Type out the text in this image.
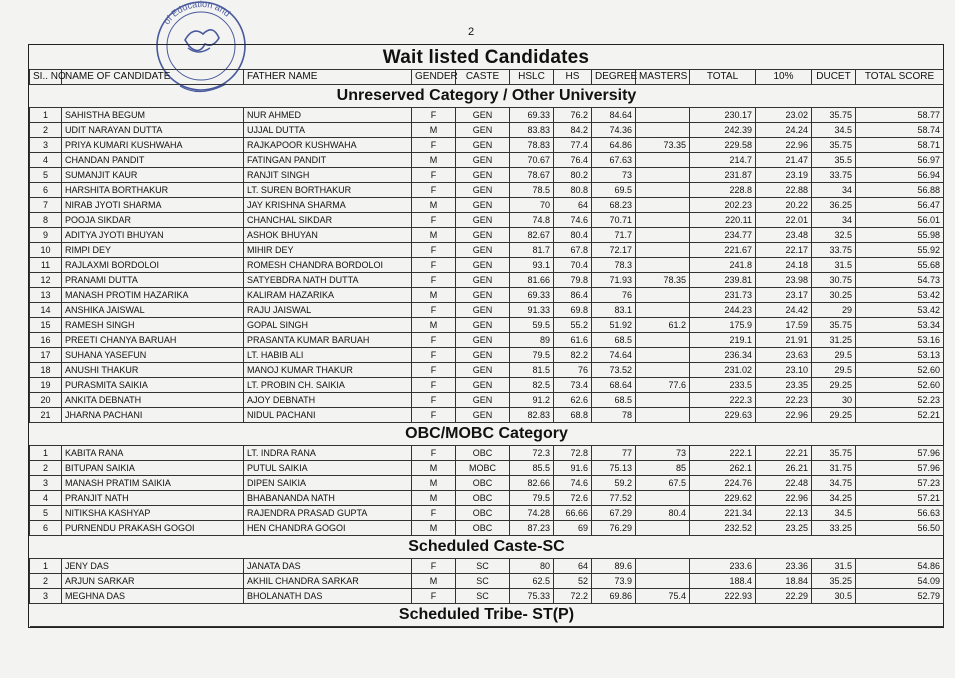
2
of Education and
Wait listed Candidates
SI.. NO	NAME OF CANDIDATE	FATHER NAME	GENDER	CASTE	HSLC	HS	DEGREE	MASTERS	TOTAL	10%	DUCET	TOTAL SCORE
Unreserved Category / Other University												
1	SAHISTHA BEGUM	NUR AHMED	F	GEN	69.33	76.2	84.64		230.17	23.02	35.75	58.77
2	UDIT NARAYAN DUTTA	UJJAL DUTTA	M	GEN	83.83	84.2	74.36		242.39	24.24	34.5	58.74
3	PRIYA KUMARI KUSHWAHA	RAJKAPOOR KUSHWAHA	F	GEN	78.83	77.4	64.86	73.35	229.58	22.96	35.75	58.71
4	CHANDAN PANDIT	FATINGAN PANDIT	M	GEN	70.67	76.4	67.63		214.7	21.47	35.5	56.97
5	SUMANJIT KAUR	RANJIT SINGH	F	GEN	78.67	80.2	73		231.87	23.19	33.75	56.94
6	HARSHITA BORTHAKUR	LT. SUREN BORTHAKUR	F	GEN	78.5	80.8	69.5		228.8	22.88	34	56.88
7	NIRAB JYOTI SHARMA	JAY KRISHNA SHARMA	M	GEN	70	64	68.23		202.23	20.22	36.25	56.47
8	POOJA SIKDAR	CHANCHAL SIKDAR	F	GEN	74.8	74.6	70.71		220.11	22.01	34	56.01
9	ADITYA JYOTI BHUYAN	ASHOK BHUYAN	M	GEN	82.67	80.4	71.7		234.77	23.48	32.5	55.98
10	RIMPI DEY	MIHIR DEY	F	GEN	81.7	67.8	72.17		221.67	22.17	33.75	55.92
11	RAJLAXMI BORDOLOI	ROMESH CHANDRA BORDOLOI	F	GEN	93.1	70.4	78.3		241.8	24.18	31.5	55.68
12	PRANAMI DUTTA	SATYEBDRA NATH DUTTA	F	GEN	81.66	79.8	71.93	78.35	239.81	23.98	30.75	54.73
13	MANASH PROTIM HAZARIKA	KALIRAM HAZARIKA	M	GEN	69.33	86.4	76		231.73	23.17	30.25	53.42
14	ANSHIKA JAISWAL	RAJU JAISWAL	F	GEN	91.33	69.8	83.1		244.23	24.42	29	53.42
15	RAMESH SINGH	GOPAL SINGH	M	GEN	59.5	55.2	51.92	61.2	175.9	17.59	35.75	53.34
16	PREETI CHANYA BARUAH	PRASANTA KUMAR BARUAH	F	GEN	89	61.6	68.5		219.1	21.91	31.25	53.16
17	SUHANA YASEFUN	LT. HABIB ALI	F	GEN	79.5	82.2	74.64		236.34	23.63	29.5	53.13
18	ANUSHI THAKUR	MANOJ KUMAR THAKUR	F	GEN	81.5	76	73.52		231.02	23.10	29.5	52.60
19	PURASMITA SAIKIA	LT. PROBIN CH. SAIKIA	F	GEN	82.5	73.4	68.64	77.6	233.5	23.35	29.25	52.60
20	ANKITA DEBNATH	AJOY DEBNATH	F	GEN	91.2	62.6	68.5		222.3	22.23	30	52.23
21	JHARNA PACHANI	NIDUL PACHANI	F	GEN	82.83	68.8	78		229.63	22.96	29.25	52.21
OBC/MOBC Category												
1	KABITA RANA	LT. INDRA RANA	F	OBC	72.3	72.8	77	73	222.1	22.21	35.75	57.96
2	BITUPAN SAIKIA	PUTUL SAIKIA	M	MOBC	85.5	91.6	75.13	85	262.1	26.21	31.75	57.96
3	MANASH PRATIM SAIKIA	DIPEN SAIKIA	M	OBC	82.66	74.6	59.2	67.5	224.76	22.48	34.75	57.23
4	PRANJIT NATH	BHABANANDA NATH	M	OBC	79.5	72.6	77.52		229.62	22.96	34.25	57.21
5	NITIKSHA KASHYAP	RAJENDRA PRASAD GUPTA	F	OBC	74.28	66.66	67.29	80.4	221.34	22.13	34.5	56.63
6	PURNENDU PRAKASH GOGOI	HEN CHANDRA GOGOI	M	OBC	87.23	69	76.29		232.52	23.25	33.25	56.50
Scheduled Caste-SC												
1	JENY DAS	JANATA DAS	F	SC	80	64	89.6		233.6	23.36	31.5	54.86
2	ARJUN SARKAR	AKHIL CHANDRA SARKAR	M	SC	62.5	52	73.9		188.4	18.84	35.25	54.09
3	MEGHNA DAS	BHOLANATH DAS	F	SC	75.33	72.2	69.86	75.4	222.93	22.29	30.5	52.79
Scheduled Tribe- ST(P)												
